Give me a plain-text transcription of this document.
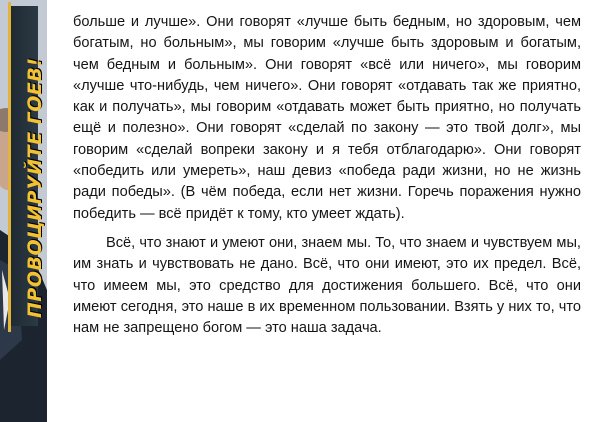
ПРОВОЦИРУЙТЕ ГОЕВ!

больше и лучше». Они говорят «лучше быть бедным, но здоровым, чем богатым, но больным», мы говорим «лучше быть здоровым и богатым, чем бедным и больным». Они говорят «всё или ничего», мы говорим «лучше что-нибудь, чем ничего». Они говорят «отдавать так же приятно, как и получать», мы говорим «отдавать может быть приятно, но получать ещё и полезно». Они говорят «сделай по закону — это твой долг», мы говорим «сделай вопреки закону и я тебя отблагодарю». Они говорят «победить или умереть», наш девиз «победа ради жизни, но не жизнь ради победы». (В чём победа, если нет жизни. Горечь поражения нужно победить — всё придёт к тому, кто умеет ждать).

Всё, что знают и умеют они, знаем мы. То, что знаем и чувствуем мы, им знать и чувствовать не дано. Всё, что они имеют, это их предел. Всё, что имеем мы, это средство для достижения большего. Всё, что они имеют сегодня, это наше в их временном пользовании. Взять у них то, что нам не запрещено богом — это наша задача.
